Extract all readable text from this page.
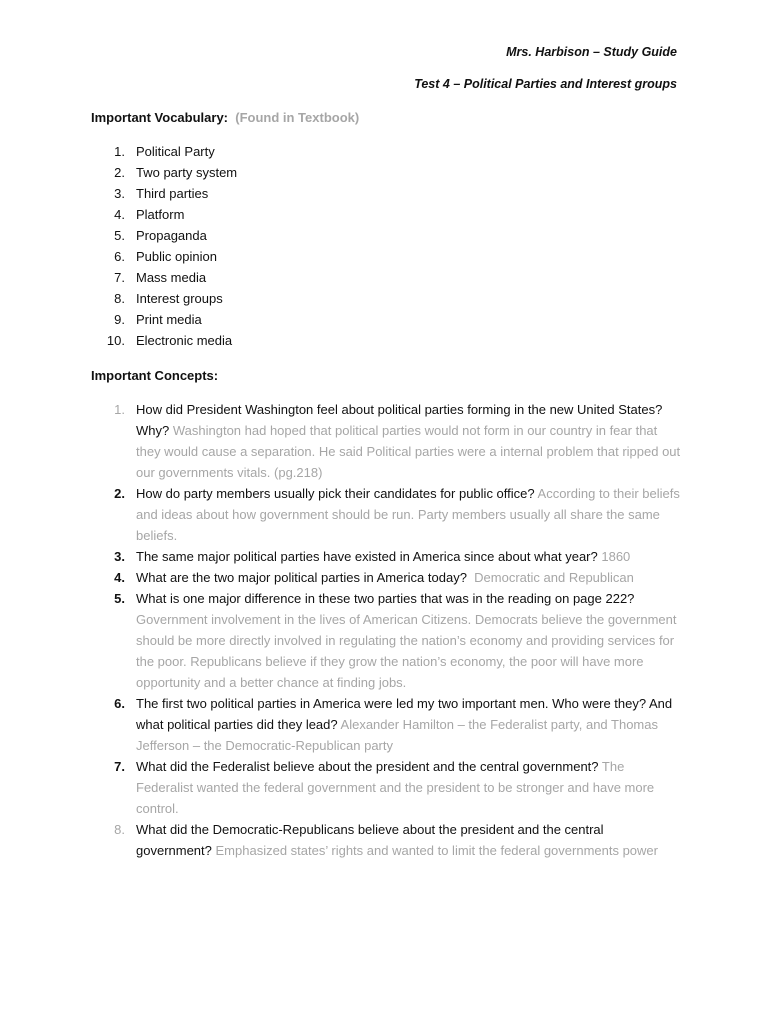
Mrs. Harbison – Study Guide
Test 4 – Political Parties and Interest groups
Important Vocabulary: (Found in Textbook)
1. Political Party
2. Two party system
3. Third parties
4. Platform
5. Propaganda
6. Public opinion
7. Mass media
8. Interest groups
9. Print media
10. Electronic media
Important Concepts:
1. How did President Washington feel about political parties forming in the new United States? Why? Washington had hoped that political parties would not form in our country in fear that they would cause a separation. He said Political parties were a internal problem that ripped out our governments vitals. (pg.218)
2. How do party members usually pick their candidates for public office? According to their beliefs and ideas about how government should be run. Party members usually all share the same beliefs.
3. The same major political parties have existed in America since about what year? 1860
4. What are the two major political parties in America today? Democratic and Republican
5. What is one major difference in these two parties that was in the reading on page 222? Government involvement in the lives of American Citizens. Democrats believe the government should be more directly involved in regulating the nation’s economy and providing services for the poor. Republicans believe if they grow the nation’s economy, the poor will have more opportunity and a better chance at finding jobs.
6. The first two political parties in America were led my two important men. Who were they? And what political parties did they lead? Alexander Hamilton – the Federalist party, and Thomas Jefferson – the Democratic-Republican party
7. What did the Federalist believe about the president and the central government? The Federalist wanted the federal government and the president to be stronger and have more control.
8. What did the Democratic-Republicans believe about the president and the central government? Emphasized states’ rights and wanted to limit the federal governments power
